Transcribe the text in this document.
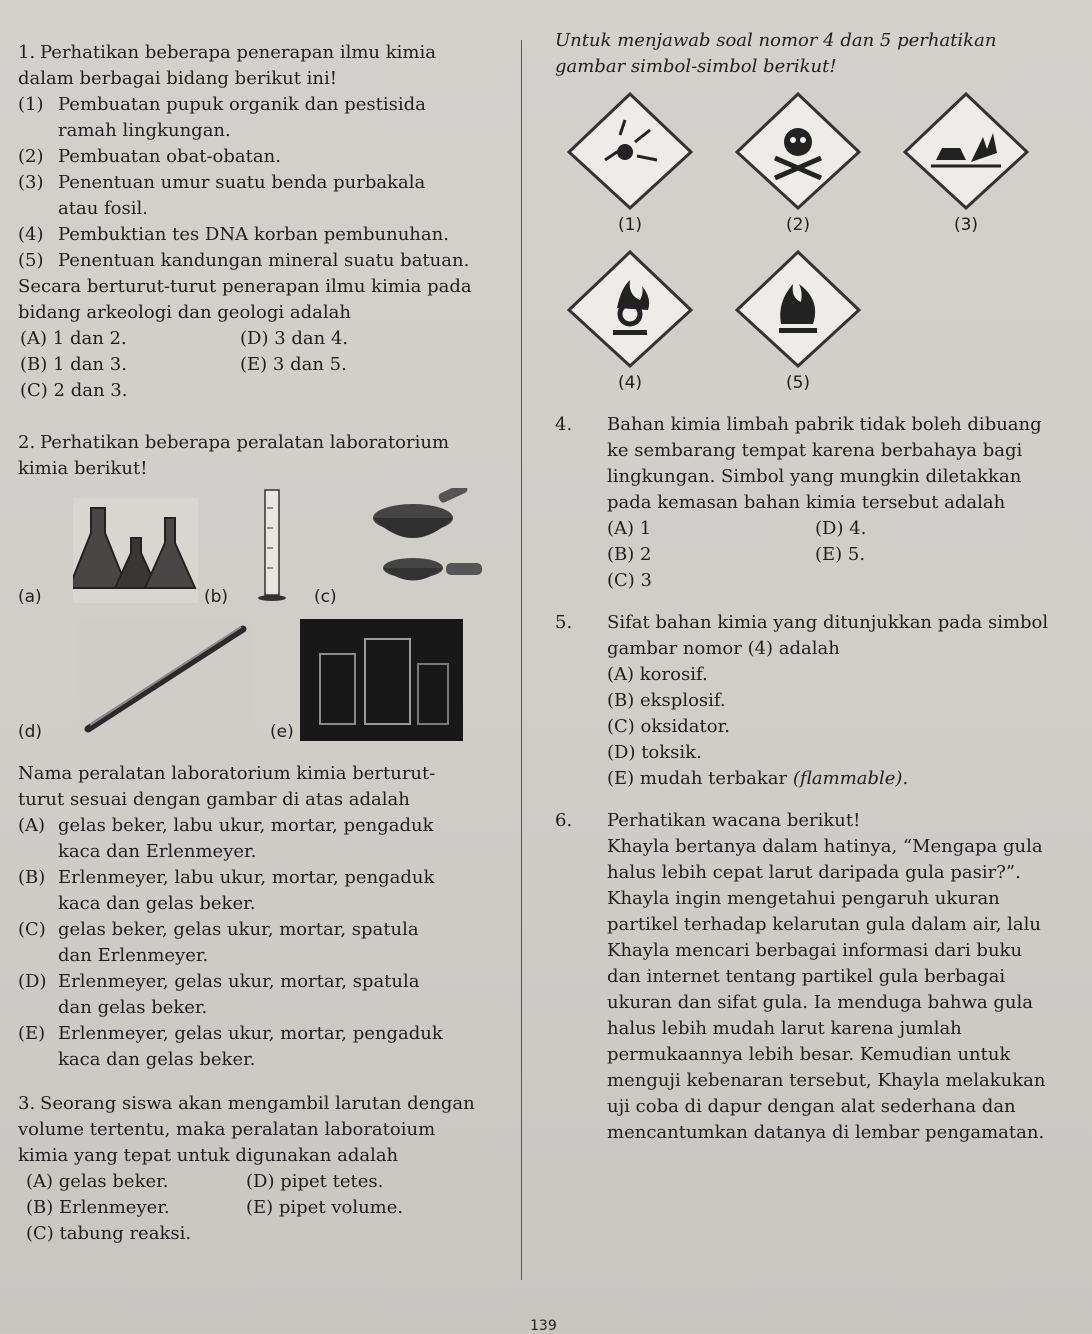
1. Perhatikan beberapa penerapan ilmu kimia

dalam berbagai bidang berikut ini!

(1) Pembuatan pupuk organik dan pestisida
ramah lingkungan.
(2) Pembuatan obat-obatan.
(3) Penentuan umur suatu benda purbakala
atau fosil.
(4) Pembuktian tes DNA korban pembunuhan.
(5) Penentuan kandungan mineral suatu batuan.

Secara berturut-turut penerapan ilmu kimia pada

bidang arkeologi dan geologi adalah

(A) 1 dan 2.	(D) 3 dan 4.
(B) 1 dan 3.	(E) 3 dan 5.
(C) 2 dan 3.

2. Perhatikan beberapa peralatan laboratorium

kimia berikut!

(a)	(b)	(c)
(d)	(e)

Nama peralatan laboratorium kimia berturut-

turut sesuai dengan gambar di atas adalah

(A) gelas beker, labu ukur, mortar, pengaduk
kaca dan Erlenmeyer.
(B) Erlenmeyer, labu ukur, mortar, pengaduk
kaca dan gelas beker.
(C) gelas beker, gelas ukur, mortar, spatula
dan Erlenmeyer.
(D) Erlenmeyer, gelas ukur, mortar, spatula
dan gelas beker.
(E) Erlenmeyer, gelas ukur, mortar, pengaduk
kaca dan gelas beker.

3. Seorang siswa akan mengambil larutan dengan

volume tertentu, maka peralatan laboratoium

kimia yang tepat untuk digunakan adalah

(A) gelas beker.	(D) pipet tetes.
(B) Erlenmeyer.	(E) pipet volume.
(C) tabung reaksi.

Untuk menjawab soal nomor 4 dan 5 perhatikan

gambar simbol-simbol berikut!

(1)	(2)	(3)
(4)	(5)

4. Bahan kimia limbah pabrik tidak boleh dibuang

ke sembarang tempat karena berbahaya bagi

lingkungan. Simbol yang mungkin diletakkan

pada kemasan bahan kimia tersebut adalah

(A) 1	(D) 4.
(B) 2	(E) 5.
(C) 3

5. Sifat bahan kimia yang ditunjukkan pada simbol

gambar nomor (4) adalah

(A) korosif.
(B) eksplosif.
(C) oksidator.
(D) toksik.
(E) mudah terbakar (flammable).

6. Perhatikan wacana berikut!

Khayla bertanya dalam hatinya, “Mengapa gula

halus lebih cepat larut daripada gula pasir?”.

Khayla ingin mengetahui pengaruh ukuran

partikel terhadap kelarutan gula dalam air, lalu

Khayla mencari berbagai informasi dari buku

dan internet tentang partikel gula berbagai

ukuran dan sifat gula. Ia menduga bahwa gula

halus lebih mudah larut karena jumlah

permukaannya lebih besar. Kemudian untuk

menguji kebenaran tersebut, Khayla melakukan

uji coba di dapur dengan alat sederhana dan

mencantumkan datanya di lembar pengamatan.

139
